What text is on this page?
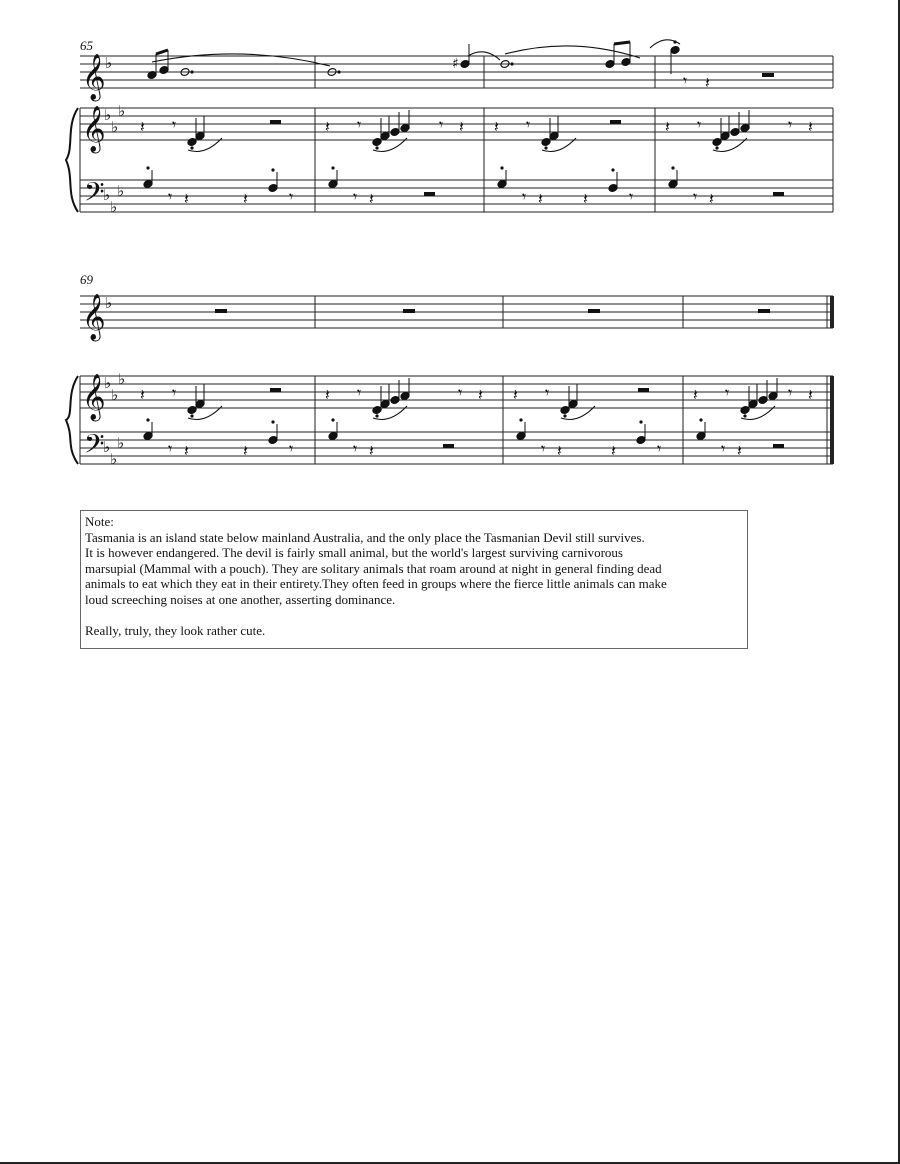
65
69
𝄞
𝄞
𝄢
♭
♭
♭
♭
♭
♭
♭
𝄽 𝄾
𝄾 𝄽	𝄽	𝄾
𝄽 𝄾	𝄾 𝄽
𝄾 𝄽
𝄽 𝄾
𝄾 𝄽	𝄽	𝄾
𝄽 𝄾	𝄾 𝄽
𝄾 𝄽
♯
𝄾 𝄽
𝄞
𝄞
𝄢
♭
♭
♭
♭
♭
♭
♭
𝄽 𝄾
𝄾 𝄽	𝄽	𝄾
𝄽 𝄾	𝄾 𝄽
𝄾 𝄽
𝄽 𝄾
𝄾 𝄽	𝄽	𝄾
𝄽 𝄾	𝄾 𝄽
𝄾 𝄽

Note:

Tasmania is an island state below mainland Australia, and the only place the Tasmanian Devil still survives.

It is however endangered. The devil is fairly small animal, but the world's largest surviving carnivorous

marsupial (Mammal with a pouch). They are solitary animals that roam around at night in general finding dead

animals to eat which they eat in their entirety.They often feed in groups where the fierce little animals can make

loud screeching noises at one another, asserting dominance.

Really, truly, they look rather cute.
